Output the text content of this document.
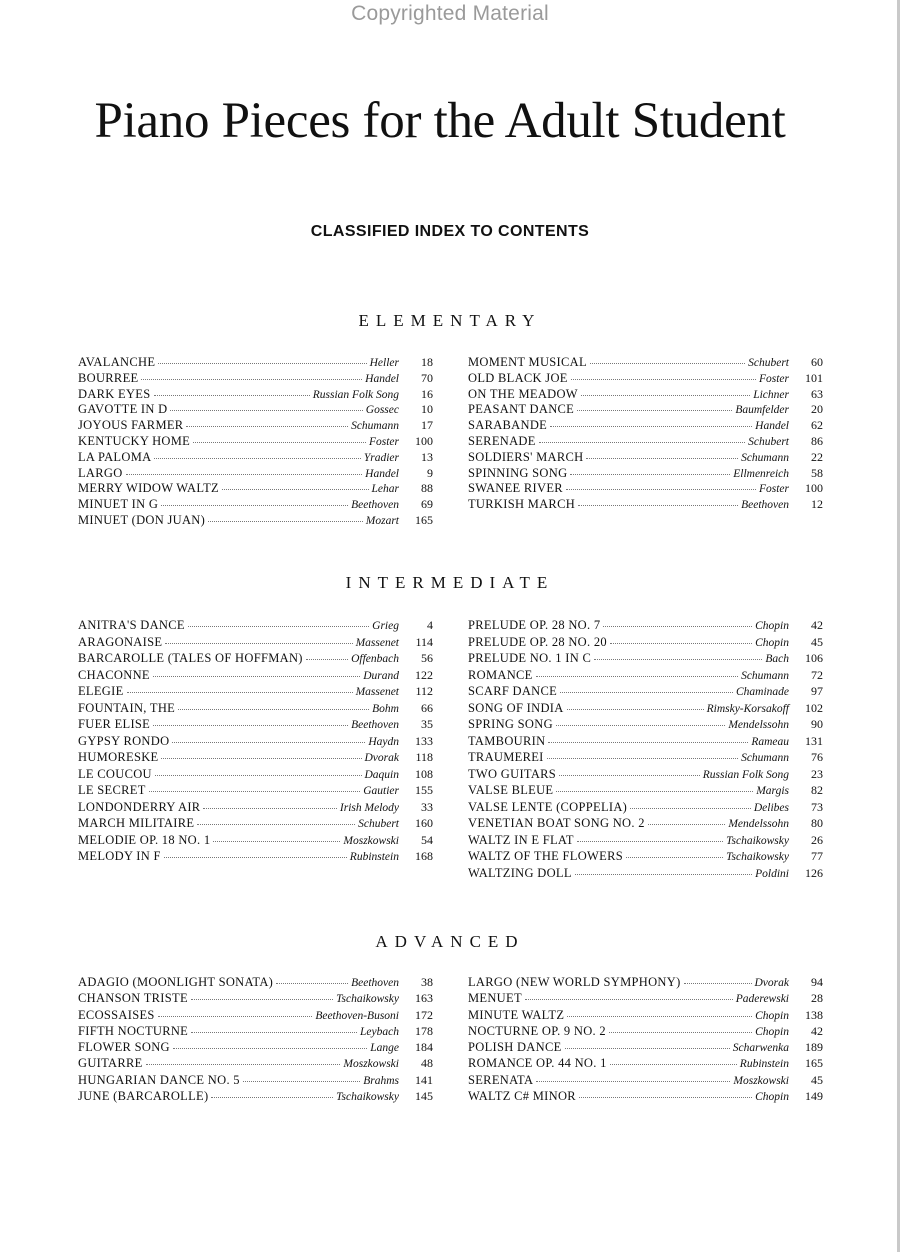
Copyrighted Material
Piano Pieces for the Adult Student
CLASSIFIED INDEX TO CONTENTS
ELEMENTARY
AVALANCHE	Heller	18
BOURREE	Handel	70
DARK EYES	Russian Folk Song	16
GAVOTTE IN D	Gossec	10
JOYOUS FARMER	Schumann	17
KENTUCKY HOME	Foster	100
LA PALOMA	Yradier	13
LARGO	Handel	9
MERRY WIDOW WALTZ	Lehar	88
MINUET IN G	Beethoven	69
MINUET (DON JUAN)	Mozart	165
MOMENT MUSICAL	Schubert	60
OLD BLACK JOE	Foster	101
ON THE MEADOW	Lichner	63
PEASANT DANCE	Baumfelder	20
SARABANDE	Handel	62
SERENADE	Schubert	86
SOLDIERS' MARCH	Schumann	22
SPINNING SONG	Ellmenreich	58
SWANEE RIVER	Foster	100
TURKISH MARCH	Beethoven	12
INTERMEDIATE
ANITRA'S DANCE	Grieg	4
ARAGONAISE	Massenet	114
BARCAROLLE (TALES OF HOFFMAN)	Offenbach	56
CHACONNE	Durand	122
ELEGIE	Massenet	112
FOUNTAIN, THE	Bohm	66
FUER ELISE	Beethoven	35
GYPSY RONDO	Haydn	133
HUMORESKE	Dvorak	118
LE COUCOU	Daquin	108
LE SECRET	Gautier	155
LONDONDERRY AIR	Irish Melody	33
MARCH MILITAIRE	Schubert	160
MELODIE OP. 18 NO. 1	Moszkowski	54
MELODY IN F	Rubinstein	168
PRELUDE OP. 28 NO. 7	Chopin	42
PRELUDE OP. 28 NO. 20	Chopin	45
PRELUDE NO. 1 IN C	Bach	106
ROMANCE	Schumann	72
SCARF DANCE	Chaminade	97
SONG OF INDIA	Rimsky-Korsakoff	102
SPRING SONG	Mendelssohn	90
TAMBOURIN	Rameau	131
TRAUMEREI	Schumann	76
TWO GUITARS	Russian Folk Song	23
VALSE BLEUE	Margis	82
VALSE LENTE (COPPELIA)	Delibes	73
VENETIAN BOAT SONG NO. 2	Mendelssohn	80
WALTZ IN E FLAT	Tschaikowsky	26
WALTZ OF THE FLOWERS	Tschaikowsky	77
WALTZING DOLL	Poldini	126
ADVANCED
ADAGIO (MOONLIGHT SONATA)	Beethoven	38
CHANSON TRISTE	Tschaikowsky	163
ECOSSAISES	Beethoven-Busoni	172
FIFTH NOCTURNE	Leybach	178
FLOWER SONG	Lange	184
GUITARRE	Moszkowski	48
HUNGARIAN DANCE NO. 5	Brahms	141
JUNE (BARCAROLLE)	Tschaikowsky	145
LARGO (NEW WORLD SYMPHONY)	Dvorak	94
MENUET	Paderewski	28
MINUTE WALTZ	Chopin	138
NOCTURNE OP. 9 NO. 2	Chopin	42
POLISH DANCE	Scharwenka	189
ROMANCE OP. 44 NO. 1	Rubinstein	165
SERENATA	Moszkowski	45
WALTZ C# MINOR	Chopin	149
